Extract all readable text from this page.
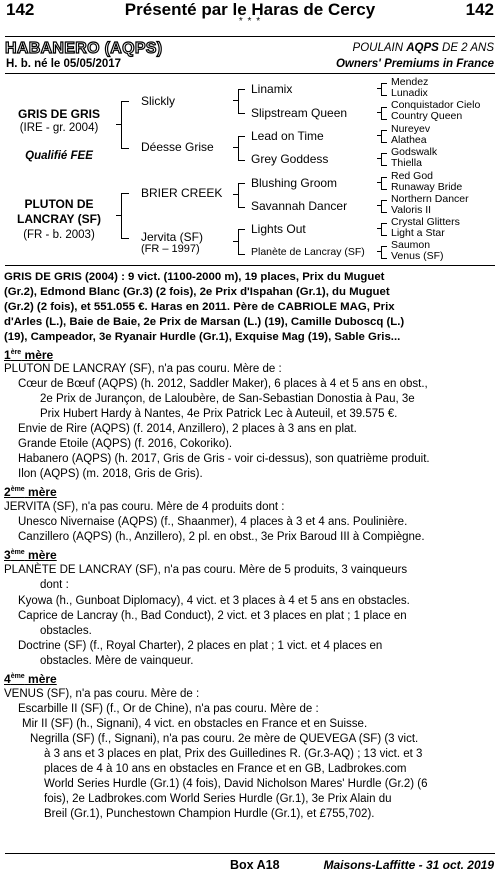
142	Présenté par le Haras de Cercy	142
* * *
HABANERO (AQPS)	POULAIN AQPS DE 2 ANS
H. b. né le 05/05/2017	Owners' Premiums in France
GRIS DE GRIS
(IRE - gr. 2004)
Qualifié FEE
PLUTON DE
LANCRAY (SF)
(FR - b. 2003)
Slickly
Déesse Grise
BRIER CREEK
Jervita (SF)
(FR – 1997)
Linamix
Slipstream Queen
Lead on Time
Grey Goddess
Blushing Groom
Savannah Dancer
Lights Out
Planète de Lancray (SF)
Mendez
Lunadix
Conquistador Cielo
Country Queen
Nureyev
Alathea
Godswalk
Thiella
Red God
Runaway Bride
Northern Dancer
Valoris II
Crystal Glitters
Light a Star
Saumon
Venus (SF)
GRIS DE GRIS (2004) : 9 vict. (1100-2000 m), 19 places, Prix du Muguet
(Gr.2), Edmond Blanc (Gr.3) (2 fois), 2e Prix d'Ispahan (Gr.1), du Muguet
(Gr.2) (2 fois), et 551.055 €. Haras en 2011. Père de CABRIOLE MAG, Prix
d'Arles (L.), Baie de Baie, 2e Prix de Marsan (L.) (19), Camille Duboscq (L.)
(19), Campeador, 3e Ryanair Hurdle (Gr.1), Exquise Mag (19), Sable Gris...
1ère mère
PLUTON DE LANCRAY (SF), n'a pas couru. Mère de :
Cœur de Bœuf (AQPS) (h. 2012, Saddler Maker), 6 places à 4 et 5 ans en obst.,
2e Prix de Jurançon, de Laloubère, de San-Sebastian Donostia à Pau, 3e
Prix Hubert Hardy à Nantes, 4e Prix Patrick Lec à Auteuil, et 39.575 €.
Envie de Rire (AQPS) (f. 2014, Anzillero), 2 places à 3 ans en plat.
Grande Etoile (AQPS) (f. 2016, Cokoriko).
Habanero (AQPS) (h. 2017, Gris de Gris - voir ci-dessus), son quatrième produit.
Ilon (AQPS) (m. 2018, Gris de Gris).
2ème mère
JERVITA (SF), n'a pas couru. Mère de 4 produits dont :
Unesco Nivernaise (AQPS) (f., Shaanmer), 4 places à 3 et 4 ans. Poulinière.
Canzillero (AQPS) (h., Anzillero), 2 pl. en obst., 3e Prix Baroud III à Compiègne.
3ème mère
PLANÈTE DE LANCRAY (SF), n'a pas couru. Mère de 5 produits, 3 vainqueurs
dont :
Kyowa (h., Gunboat Diplomacy), 4 vict. et 3 places à 4 et 5 ans en obstacles.
Caprice de Lancray (h., Bad Conduct), 2 vict. et 3 places en plat ; 1 place en
obstacles.
Doctrine (SF) (f., Royal Charter), 2 places en plat ; 1 vict. et 4 places en
obstacles. Mère de vainqueur.
4ème mère
VENUS (SF), n'a pas couru. Mère de :
Escarbille II (SF) (f., Or de Chine), n'a pas couru. Mère de :
Mir II (SF) (h., Signani), 4 vict. en obstacles en France et en Suisse.
Negrilla (SF) (f., Signani), n'a pas couru. 2e mère de QUEVEGA (SF) (3 vict.
à 3 ans et 3 places en plat, Prix des Guilledines R. (Gr.3-AQ) ; 13 vict. et 3
places de 4 à 10 ans en obstacles en France et en GB, Ladbrokes.com
World Series Hurdle (Gr.1) (4 fois), David Nicholson Mares' Hurdle (Gr.2) (6
fois), 2e Ladbrokes.com World Series Hurdle (Gr.1), 3e Prix Alain du
Breil (Gr.1), Punchestown Champion Hurdle (Gr.1), et £755,702).
Box A18	Maisons-Laffitte - 31 oct. 2019
